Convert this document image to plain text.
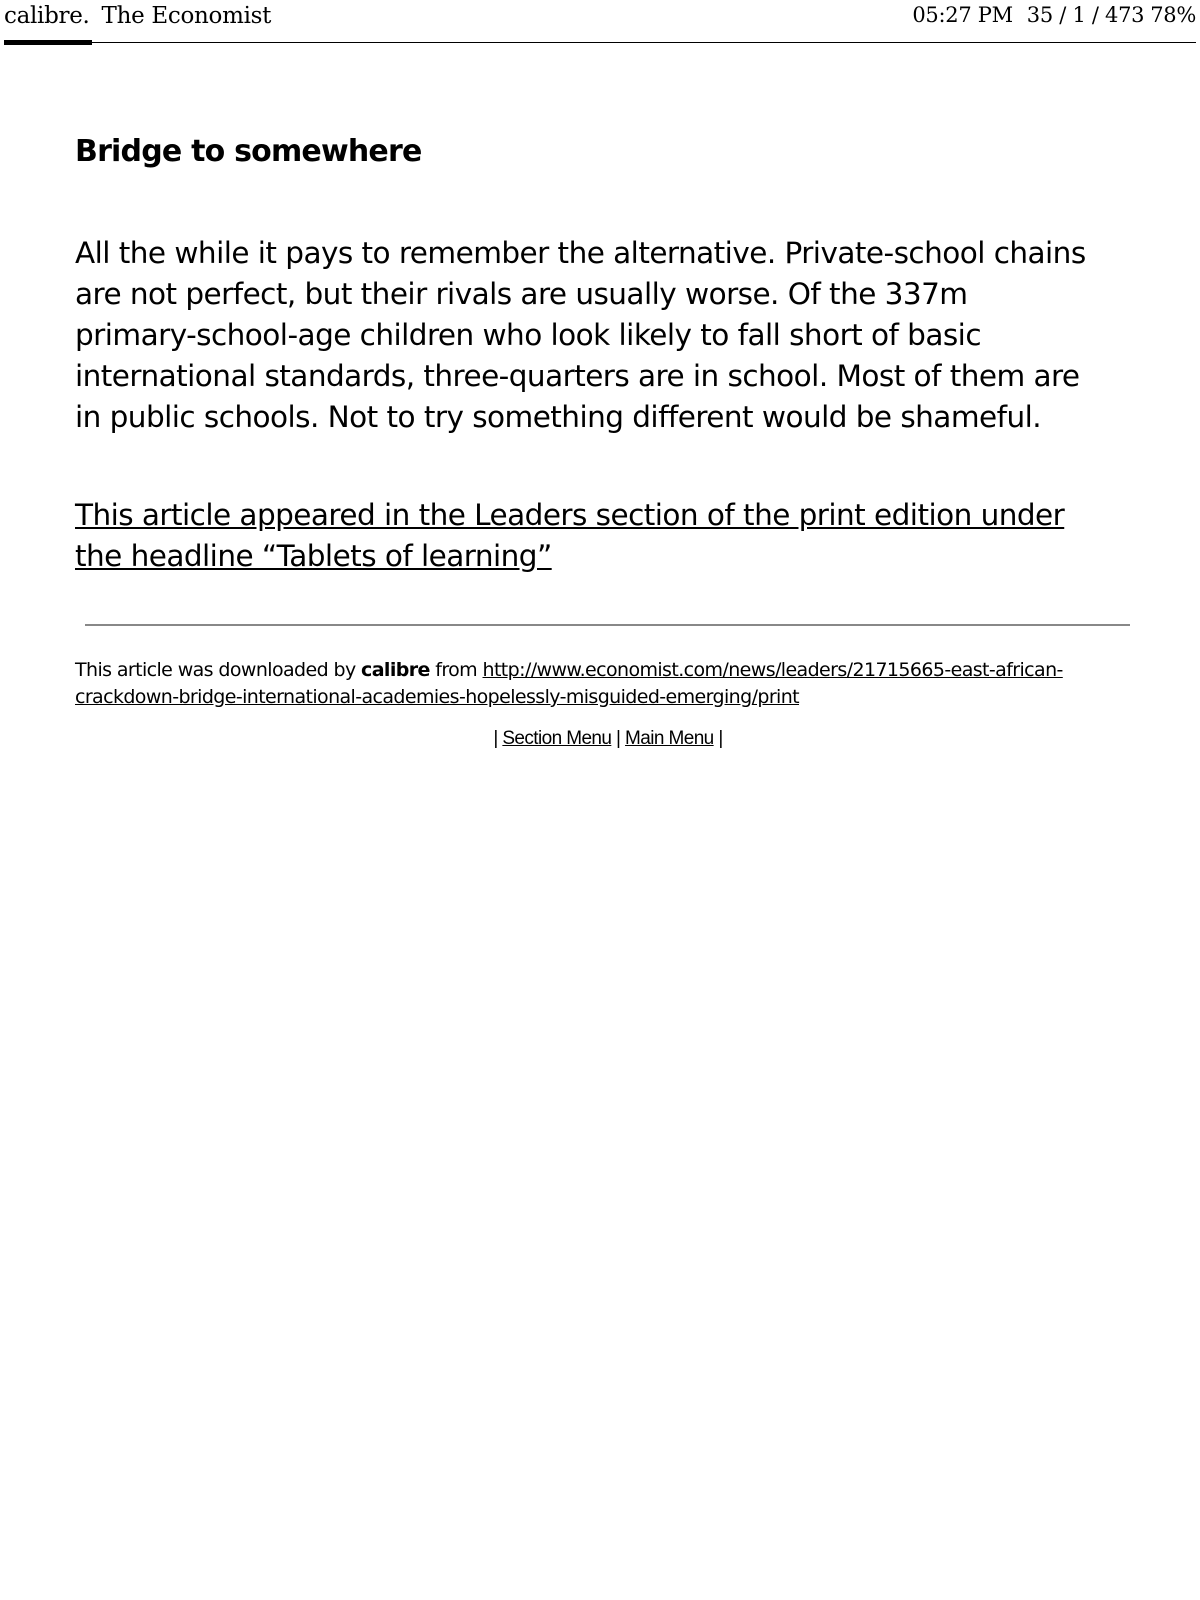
calibre. The Economist	05:27 PM 35 / 1 / 473 78%
Bridge to somewhere

All the while it pays to remember the alternative. Private-school chains are not perfect, but their rivals are usually worse. Of the 337m primary-school-age children who look likely to fall short of basic international standards, three-quarters are in school. Most of them are in public schools. Not to try something different would be shameful.

This article appeared in the Leaders section of the print edition under the headline “Tablets of learning”
This article was downloaded by calibre from http://www.economist.com/news/leaders/21715665-east-african-crackdown-bridge-international-academies-hopelessly-misguided-emerging/print
| Section Menu | Main Menu |
